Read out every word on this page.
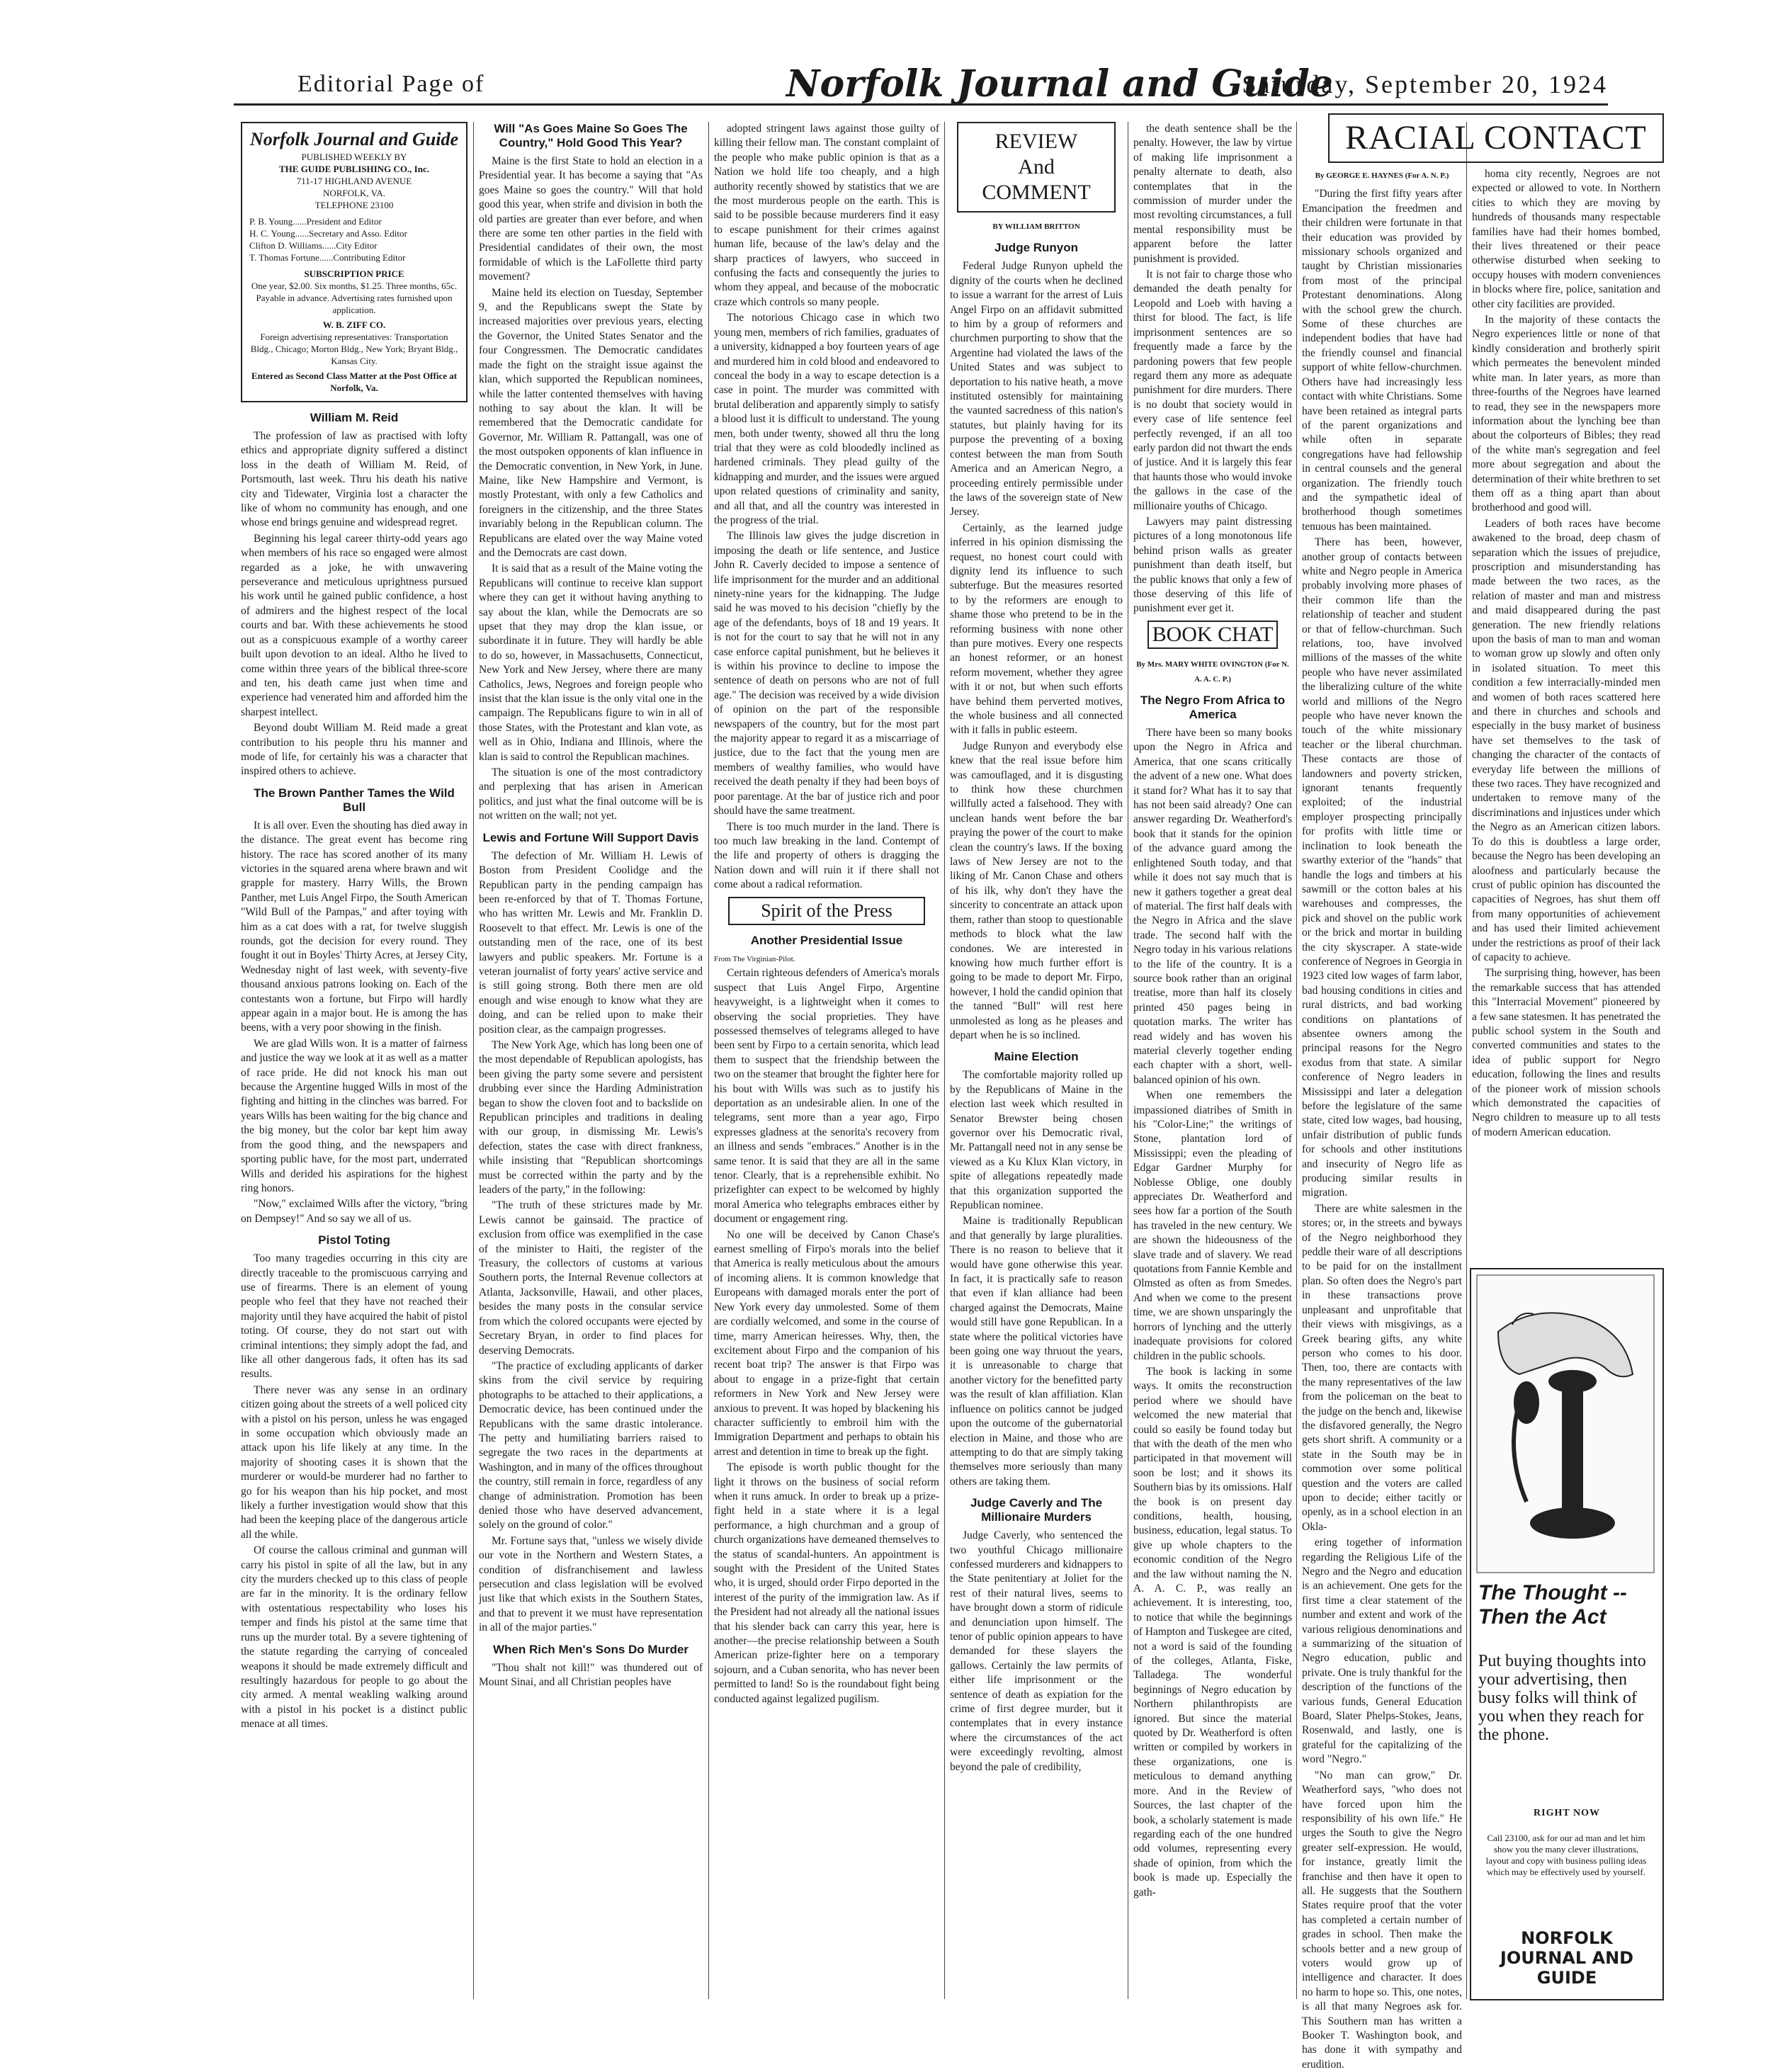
Editorial Page of	Norfolk Journal and Guide
Saturday, September 20, 1924
Norfolk Journal and Guide
PUBLISHED WEEKLY BY
THE GUIDE PUBLISHING CO., Inc.
711-17 HIGHLAND AVENUE
NORFOLK, VA.
TELEPHONE 23100
P. B. Young......President and Editor
H. C. Young......Secretary and Asso. Editor
Clifton D. Williams......City Editor
T. Thomas Fortune......Contributing Editor
SUBSCRIPTION PRICE
One year, $2.00. Six months, $1.25. Three months, 65c. Payable in advance. Advertising rates furnished upon application.
W. B. ZIFF CO.
Foreign advertising representatives: Transportation Bldg., Chicago; Morton Bldg., New York; Bryant Bldg., Kansas City.
Entered as Second Class Matter at the Post Office at Norfolk, Va.
William M. Reid

The profession of law as practised with lofty ethics and appropriate dignity suffered a distinct loss in the death of William M. Reid, of Portsmouth, last week. Thru his death his native city and Tidewater, Virginia lost a character the like of whom no community has enough, and one whose end brings genuine and widespread regret.

Beginning his legal career thirty-odd years ago when members of his race so engaged were almost regarded as a joke, he with unwavering perseverance and meticulous uprightness pursued his work until he gained public confidence, a host of admirers and the highest respect of the local courts and bar. With these achievements he stood out as a conspicuous example of a worthy career built upon devotion to an ideal. Altho he lived to come within three years of the biblical three-score and ten, his death came just when time and experience had venerated him and afforded him the sharpest intellect.

Beyond doubt William M. Reid made a great contribution to his people thru his manner and mode of life, for certainly his was a character that inspired others to achieve.

The Brown Panther Tames the Wild Bull

It is all over. Even the shouting has died away in the distance. The great event has become ring history. The race has scored another of its many victories in the squared arena where brawn and wit grapple for mastery. Harry Wills, the Brown Panther, met Luis Angel Firpo, the South American "Wild Bull of the Pampas," and after toying with him as a cat does with a rat, for twelve sluggish rounds, got the decision for every round. They fought it out in Boyles' Thirty Acres, at Jersey City, Wednesday night of last week, with seventy-five thousand anxious patrons looking on. Each of the contestants won a fortune, but Firpo will hardly appear again in a major bout. He is among the has beens, with a very poor showing in the finish.

We are glad Wills won. It is a matter of fairness and justice the way we look at it as well as a matter of race pride. He did not knock his man out because the Argentine hugged Wills in most of the fighting and hitting in the clinches was barred. For years Wills has been waiting for the big chance and the big money, but the color bar kept him away from the good thing, and the newspapers and sporting public have, for the most part, underrated Wills and derided his aspirations for the highest ring honors.

"Now," exclaimed Wills after the victory, "bring on Dempsey!" And so say we all of us.

Pistol Toting

Too many tragedies occurring in this city are directly traceable to the promiscuous carrying and use of firearms. There is an element of young people who feel that they have not reached their majority until they have acquired the habit of pistol toting. Of course, they do not start out with criminal intentions; they simply adopt the fad, and like all other dangerous fads, it often has its sad results.

There never was any sense in an ordinary citizen going about the streets of a well policed city with a pistol on his person, unless he was engaged in some occupation which obviously made an attack upon his life likely at any time. In the majority of shooting cases it is shown that the murderer or would-be murderer had no farther to go for his weapon than his hip pocket, and most likely a further investigation would show that this had been the keeping place of the dangerous article all the while.

Of course the callous criminal and gunman will carry his pistol in spite of all the law, but in any city the murders checked up to this class of people are far in the minority. It is the ordinary fellow with ostentatious respectability who loses his temper and finds his pistol at the same time that runs up the murder total. By a severe tightening of the statute regarding the carrying of concealed weapons it should be made extremely difficult and resultingly hazardous for people to go about the city armed. A mental weakling walking around with a pistol in his pocket is a distinct public menace at all times.

Will "As Goes Maine So Goes The Country," Hold Good This Year?

Maine is the first State to hold an election in a Presidential year. It has become a saying that "As goes Maine so goes the country." Will that hold good this year, when strife and division in both the old parties are greater than ever before, and when there are some ten other parties in the field with Presidential candidates of their own, the most formidable of which is the LaFollette third party movement?

Maine held its election on Tuesday, September 9, and the Republicans swept the State by increased majorities over previous years, electing the Governor, the United States Senator and the four Congressmen. The Democratic candidates made the fight on the straight issue against the klan, which supported the Republican nominees, while the latter contented themselves with having nothing to say about the klan. It will be remembered that the Democratic candidate for Governor, Mr. William R. Pattangall, was one of the most outspoken opponents of klan influence in the Democratic convention, in New York, in June. Maine, like New Hampshire and Vermont, is mostly Protestant, with only a few Catholics and foreigners in the citizenship, and the three States invariably belong in the Republican column. The Republicans are elated over the way Maine voted and the Democrats are cast down.

It is said that as a result of the Maine voting the Republicans will continue to receive klan support where they can get it without having anything to say about the klan, while the Democrats are so upset that they may drop the klan issue, or subordinate it in future. They will hardly be able to do so, however, in Massachusetts, Connecticut, New York and New Jersey, where there are many Catholics, Jews, Negroes and foreign people who insist that the klan issue is the only vital one in the campaign. The Republicans figure to win in all of those States, with the Protestant and klan vote, as well as in Ohio, Indiana and Illinois, where the klan is said to control the Republican machines.

The situation is one of the most contradictory and perplexing that has arisen in American politics, and just what the final outcome will be is not written on the wall; not yet.

Lewis and Fortune Will Support Davis

The defection of Mr. William H. Lewis of Boston from President Coolidge and the Republican party in the pending campaign has been re-enforced by that of T. Thomas Fortune, who has written Mr. Lewis and Mr. Franklin D. Roosevelt to that effect. Mr. Lewis is one of the outstanding men of the race, one of its best lawyers and public speakers. Mr. Fortune is a veteran journalist of forty years' active service and is still going strong. Both there men are old enough and wise enough to know what they are doing, and can be relied upon to make their position clear, as the campaign progresses.

The New York Age, which has long been one of the most dependable of Republican apologists, has been giving the party some severe and persistent drubbing ever since the Harding Administration began to show the cloven foot and to backslide on Republican principles and traditions in dealing with our group, in dismissing Mr. Lewis's defection, states the case with direct frankness, while insisting that "Republican shortcomings must be corrected within the party and by the leaders of the party," in the following:

"The truth of these strictures made by Mr. Lewis cannot be gainsaid. The practice of exclusion from office was exemplified in the case of the minister to Haiti, the register of the Treasury, the collectors of customs at various Southern ports, the Internal Revenue collectors at Atlanta, Jacksonville, Hawaii, and other places, besides the many posts in the consular service from which the colored occupants were ejected by Secretary Bryan, in order to find places for deserving Democrats.

"The practice of excluding applicants of darker skins from the civil service by requiring photographs to be attached to their applications, a Democratic device, has been continued under the Republicans with the same drastic intolerance. The petty and humiliating barriers raised to segregate the two races in the departments at Washington, and in many of the offices throughout the country, still remain in force, regardless of any change of administration. Promotion has been denied those who have deserved advancement, solely on the ground of color."

Mr. Fortune says that, "unless we wisely divide our vote in the Northern and Western States, a condition of disfranchisement and lawless persecution and class legislation will be evolved just like that which exists in the Southern States, and that to prevent it we must have representation in all of the major parties."

When Rich Men's Sons Do Murder

"Thou shalt not kill!" was thundered out of Mount Sinai, and all Christian peoples have

adopted stringent laws against those guilty of killing their fellow man. The constant complaint of the people who make public opinion is that as a Nation we hold life too cheaply, and a high authority recently showed by statistics that we are the most murderous people on the earth. This is said to be possible because murderers find it easy to escape punishment for their crimes against human life, because of the law's delay and the sharp practices of lawyers, who succeed in confusing the facts and consequently the juries to whom they appeal, and because of the mobocratic craze which controls so many people.

The notorious Chicago case in which two young men, members of rich families, graduates of a university, kidnapped a boy fourteen years of age and murdered him in cold blood and endeavored to conceal the body in a way to escape detection is a case in point. The murder was committed with brutal deliberation and apparently simply to satisfy a blood lust it is difficult to understand. The young men, both under twenty, showed all thru the long trial that they were as cold bloodedly inclined as hardened criminals. They plead guilty of the kidnapping and murder, and the issues were argued upon related questions of criminality and sanity, and all that, and all the country was interested in the progress of the trial.

The Illinois law gives the judge discretion in imposing the death or life sentence, and Justice John R. Caverly decided to impose a sentence of life imprisonment for the murder and an additional ninety-nine years for the kidnapping. The Judge said he was moved to his decision "chiefly by the age of the defendants, boys of 18 and 19 years. It is not for the court to say that he will not in any case enforce capital punishment, but he believes it is within his province to decline to impose the sentence of death on persons who are not of full age." The decision was received by a wide division of opinion on the part of the responsible newspapers of the country, but for the most part the majority appear to regard it as a miscarriage of justice, due to the fact that the young men are members of wealthy families, who would have received the death penalty if they had been boys of poor parentage. At the bar of justice rich and poor should have the same treatment.

There is too much murder in the land. There is too much law breaking in the land. Contempt of the life and property of others is dragging the Nation down and will ruin it if there shall not come about a radical reformation.

Spirit of the Press
Another Presidential Issue
From The Virginian-Pilot.

Certain righteous defenders of America's morals suspect that Luis Angel Firpo, Argentine heavyweight, is a lightweight when it comes to observing the social proprieties. They have possessed themselves of telegrams alleged to have been sent by Firpo to a certain senorita, which lead them to suspect that the friendship between the two on the steamer that brought the fighter here for his bout with Wills was such as to justify his deportation as an undesirable alien. In one of the telegrams, sent more than a year ago, Firpo expresses gladness at the senorita's recovery from an illness and sends "embraces." Another is in the same tenor. It is said that they are all in the same tenor. Clearly, that is a reprehensible exhibit. No prizefighter can expect to be welcomed by highly moral America who telegraphs embraces either by document or engagement ring.

No one will be deceived by Canon Chase's earnest smelling of Firpo's morals into the belief that America is really meticulous about the amours of incoming aliens. It is common knowledge that Europeans with damaged morals enter the port of New York every day unmolested. Some of them are cordially welcomed, and some in the course of time, marry American heiresses. Why, then, the excitement about Firpo and the companion of his recent boat trip? The answer is that Firpo was about to engage in a prize-fight that certain reformers in New York and New Jersey were anxious to prevent. It was hoped by blackening his character sufficiently to embroil him with the Immigration Department and perhaps to obtain his arrest and detention in time to break up the fight.

The episode is worth public thought for the light it throws on the business of social reform when it runs amuck. In order to break up a prize-fight held in a state where it is a legal performance, a high churchman and a group of church organizations have demeaned themselves to the status of scandal-hunters. An appointment is sought with the President of the United States who, it is urged, should order Firpo deported in the interest of the purity of the immigration law. As if the President had not already all the national issues that his slender back can carry this year, here is another—the precise relationship between a South American prize-fighter here on a temporary sojourn, and a Cuban senorita, who has never been permitted to land! So is the roundabout fight being conducted against legalized pugilism.

REVIEW
And
COMMENT
BY WILLIAM BRITTON
Judge Runyon

Federal Judge Runyon upheld the dignity of the courts when he declined to issue a warrant for the arrest of Luis Angel Firpo on an affidavit submitted to him by a group of reformers and churchmen purporting to show that the Argentine had violated the laws of the United States and was subject to deportation to his native heath, a move instituted ostensibly for maintaining the vaunted sacredness of this nation's statutes, but plainly having for its purpose the preventing of a boxing contest between the man from South America and an American Negro, a proceeding entirely permissible under the laws of the sovereign state of New Jersey.

Certainly, as the learned judge inferred in his opinion dismissing the request, no honest court could with dignity lend its influence to such subterfuge. But the measures resorted to by the reformers are enough to shame those who pretend to be in the reforming business with none other than pure motives. Every one respects an honest reformer, or an honest reform movement, whether they agree with it or not, but when such efforts have behind them perverted motives, the whole business and all connected with it falls in public esteem.

Judge Runyon and everybody else knew that the real issue before him was camouflaged, and it is disgusting to think how these churchmen willfully acted a falsehood. They with unclean hands went before the bar praying the power of the court to make clean the country's laws. If the boxing laws of New Jersey are not to the liking of Mr. Canon Chase and others of his ilk, why don't they have the sincerity to concentrate an attack upon them, rather than stoop to questionable methods to block what the law condones. We are interested in knowing how much further effort is going to be made to deport Mr. Firpo, however, I hold the candid opinion that the tanned "Bull" will rest here unmolested as long as he pleases and depart when he is so inclined.

Maine Election

The comfortable majority rolled up by the Republicans of Maine in the election last week which resulted in Senator Brewster being chosen governor over his Democratic rival, Mr. Pattangall need not in any sense be viewed as a Ku Klux Klan victory, in spite of allegations repeatedly made that this organization supported the Republican nominee.

Maine is traditionally Republican and that generally by large pluralities. There is no reason to believe that it would have gone otherwise this year. In fact, it is practically safe to reason that even if klan alliance had been charged against the Democrats, Maine would still have gone Republican. In a state where the political victories have been going one way thruout the years, it is unreasonable to charge that another victory for the benefitted party was the result of klan affiliation. Klan influence on politics cannot be judged upon the outcome of the gubernatorial election in Maine, and those who are attempting to do that are simply taking themselves more seriously than many others are taking them.

Judge Caverly and The Millionaire Murders

Judge Caverly, who sentenced the two youthful Chicago millionaire confessed murderers and kidnappers to the State penitentiary at Joliet for the rest of their natural lives, seems to have brought down a storm of ridicule and denunciation upon himself. The tenor of public opinion appears to have demanded for these slayers the gallows. Certainly the law permits of either life imprisonment or the sentence of death as expiation for the crime of first degree murder, but it contemplates that in every instance where the circumstances of the act were exceedingly revolting, almost beyond the pale of credibility,

the death sentence shall be the penalty. However, the law by virtue of making life imprisonment a penalty alternate to death, also contemplates that in the commission of murder under the most revolting circumstances, a full mental responsibility must be apparent before the latter punishment is provided.

It is not fair to charge those who demanded the death penalty for Leopold and Loeb with having a thirst for blood. The fact, is life imprisonment sentences are so frequently made a farce by the pardoning powers that few people regard them any more as adequate punishment for dire murders. There is no doubt that society would in every case of life sentence feel perfectly revenged, if an all too early pardon did not thwart the ends of justice. And it is largely this fear that haunts those who would invoke the gallows in the case of the millionaire youths of Chicago.

Lawyers may paint distressing pictures of a long monotonous life behind prison walls as greater punishment than death itself, but the public knows that only a few of those deserving of this life of punishment ever get it.

BOOK CHAT
By Mrs. MARY WHITE OVINGTON (For N. A. A. C. P.)
The Negro From Africa to America

There have been so many books upon the Negro in Africa and America, that one scans critically the advent of a new one. What does it stand for? What has it to say that has not been said already? One can answer regarding Dr. Weatherford's book that it stands for the opinion of the advance guard among the enlightened South today, and that while it does not say much that is new it gathers together a great deal of material. The first half deals with the Negro in Africa and the slave trade. The second half with the Negro today in his various relations to the life of the country. It is a source book rather than an original treatise, more than half its closely printed 450 pages being in quotation marks. The writer has read widely and has woven his material cleverly together ending each chapter with a short, well-balanced opinion of his own.

When one remembers the impassioned diatribes of Smith in his "Color-Line;" the writings of Stone, plantation lord of Mississippi; even the pleading of Edgar Gardner Murphy for Noblesse Oblige, one doubly appreciates Dr. Weatherford and sees how far a portion of the South has traveled in the new century. We are shown the hideousness of the slave trade and of slavery. We read quotations from Fannie Kemble and Olmsted as often as from Smedes. And when we come to the present time, we are shown unsparingly the horrors of lynching and the utterly inadequate provisions for colored children in the public schools.

The book is lacking in some ways. It omits the reconstruction period where we should have welcomed the new material that could so easily be found today but that with the death of the men who participated in that movement will soon be lost; and it shows its Southern bias by its omissions. Half the book is on present day conditions, health, housing, business, education, legal status. To give up whole chapters to the economic condition of the Negro and the law without naming the N. A. A. C. P., was really an achievement. It is interesting, too, to notice that while the beginnings of Hampton and Tuskegee are cited, not a word is said of the founding of the colleges, Atlanta, Fiske, Talladega. The wonderful beginnings of Negro education by Northern philanthropists are ignored. But since the material quoted by Dr. Weatherford is often written or compiled by workers in these organizations, one is meticulous to demand anything more. And in the Review of Sources, the last chapter of the book, a scholarly statement is made regarding each of the one hundred odd volumes, representing every shade of opinion, from which the book is made up. Especially the gath-

RACIAL CONTACT
By GEORGE E. HAYNES (For A. N. P.)

"During the first fifty years after Emancipation the freedmen and their children were fortunate in that their education was provided by missionary schools organized and taught by Christian missionaries from most of the principal Protestant denominations. Along with the school grew the church. Some of these churches are independent bodies that have had the friendly counsel and financial support of white fellow-churchmen. Others have had increasingly less contact with white Christians. Some have been retained as integral parts of the parent organizations and while often in separate congregations have had fellowship in central counsels and the general organization. The friendly touch and the sympathetic ideal of brotherhood though sometimes tenuous has been maintained.

There has been, however, another group of contacts between white and Negro people in America probably involving more phases of their common life than the relationship of teacher and student or that of fellow-churchman. Such relations, too, have involved millions of the masses of the white people who have never assimilated the liberalizing culture of the white world and millions of the Negro people who have never known the touch of the white missionary teacher or the liberal churchman. These contacts are those of landowners and poverty stricken, ignorant tenants frequently exploited; of the industrial employer prospecting principally for profits with little time or inclination to look beneath the swarthy exterior of the "hands" that handle the logs and timbers at his sawmill or the cotton bales at his warehouses and compresses, the pick and shovel on the public work or the brick and mortar in building the city skyscraper. A state-wide conference of Negroes in Georgia in 1923 cited low wages of farm labor, bad housing conditions in cities and rural districts, and bad working conditions on plantations of absentee owners among the principal reasons for the Negro exodus from that state. A similar conference of Negro leaders in Mississippi and later a delegation before the legislature of the same state, cited low wages, bad housing, unfair distribution of public funds for schools and other institutions and insecurity of Negro life as producing similar results in migration.

There are white salesmen in the stores; or, in the streets and byways of the Negro neighborhood they peddle their ware of all descriptions to be paid for on the installment plan. So often does the Negro's part in these transactions prove unpleasant and unprofitable that their views with misgivings, as a Greek bearing gifts, any white person who comes to his door. Then, too, there are contacts with the many representatives of the law from the policeman on the beat to the judge on the bench and, likewise the disfavored generally, the Negro gets short shrift. A community or a state in the South may be in commotion over some political question and the voters are called upon to decide; either tacitly or openly, as in a school election in an Okla-

ering together of information regarding the Religious Life of the Negro and the Negro and education is an achievement. One gets for the first time a clear statement of the number and extent and work of the various religious denominations and a summarizing of the situation of Negro education, public and private. One is truly thankful for the description of the functions of the various funds, General Education Board, Slater Phelps-Stokes, Jeans, Rosenwald, and lastly, one is grateful for the capitalizing of the word "Negro."

"No man can grow," Dr. Weatherford says, "who does not have forced upon him the responsibility of his own life." He urges the South to give the Negro greater self-expression. He would, for instance, greatly limit the franchise and then have it open to all. He suggests that the Southern States require proof that the voter has completed a certain number of grades in school. Then make the schools better and a new group of voters would grow up of intelligence and character. It does no harm to hope so. This, one notes, is all that many Negroes ask for. This Southern man has written a Booker T. Washington book, and has done it with sympathy and erudition.

homa city recently, Negroes are not expected or allowed to vote. In Northern cities to which they are moving by hundreds of thousands many respectable families have had their homes bombed, their lives threatened or their peace otherwise disturbed when seeking to occupy houses with modern conveniences in blocks where fire, police, sanitation and other city facilities are provided.

In the majority of these contacts the Negro experiences little or none of that kindly consideration and brotherly spirit which permeates the benevolent minded white man. In later years, as more than three-fourths of the Negroes have learned to read, they see in the newspapers more information about the lynching bee than about the colporteurs of Bibles; they read of the white man's segregation and feel more about segregation and about the determination of their white brethren to set them off as a thing apart than about brotherhood and good will.

Leaders of both races have become awakened to the broad, deep chasm of separation which the issues of prejudice, proscription and misunderstanding has made between the two races, as the relation of master and man and mistress and maid disappeared during the past generation. The new friendly relations upon the basis of man to man and woman to woman grow up slowly and often only in isolated situation. To meet this condition a few interracially-minded men and women of both races scattered here and there in churches and schools and especially in the busy market of business have set themselves to the task of changing the character of the contacts of everyday life between the millions of these two races. They have recognized and undertaken to remove many of the discriminations and injustices under which the Negro as an American citizen labors. To do this is doubtless a large order, because the Negro has been developing an aloofness and particularly because the crust of public opinion has discounted the capacities of Negroes, has shut them off from many opportunities of achievement and has used their limited achievement under the restrictions as proof of their lack of capacity to achieve.

The surprising thing, however, has been the remarkable success that has attended this "Interracial Movement" pioneered by a few sane statesmen. It has penetrated the public school system in the South and converted communities and states to the idea of public support for Negro education, following the lines and results of the pioneer work of mission schools which demonstrated the capacities of Negro children to measure up to all tests of modern American education.

The Thought --Then the Act
Put buying thoughts into your advertising, then busy folks will think of you when they reach for the phone.
RIGHT NOW
Call 23100, ask for our ad man and let him show you the many clever illustrations, layout and copy with business pulling ideas which may be effectively used by yourself.
NORFOLK JOURNAL AND GUIDE
